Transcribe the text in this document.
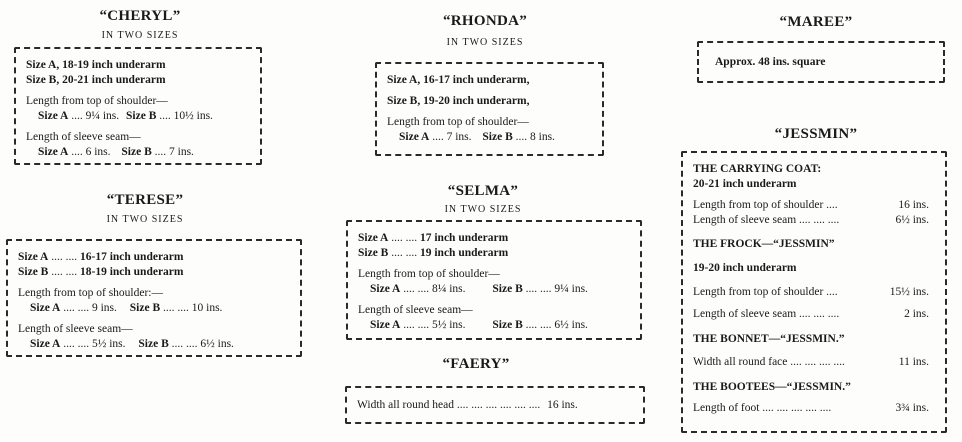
“CHERYL”
IN TWO SIZES
Size A, 18-19 inch underarm
Size B, 20-21 inch underarm
Length from top of shoulder—
Size A .... 9¼ ins. Size B .... 10½ ins.
Length of sleeve seam—
Size A .... 6 ins. Size B .... 7 ins.
“TERESE”
IN TWO SIZES
Size A .... .... 16-17 inch underarm
Size B .... .... 18-19 inch underarm
Length from top of shoulder:—
Size A .... .... 9 ins. Size B .... .... 10 ins.
Length of sleeve seam—
Size A .... .... 5½ ins. Size B .... .... 6½ ins.
“RHONDA”
IN TWO SIZES
Size A, 16-17 inch underarm,
Size B, 19-20 inch underarm,
Length from top of shoulder—
Size A .... 7 ins. Size B .... 8 ins.
“SELMA”
IN TWO SIZES
Size A .... .... 17 inch underarm
Size B .... .... 19 inch underarm
Length from top of shoulder—
Size A .... .... 8¼ ins. Size B .... .... 9¼ ins.
Length of sleeve seam—
Size A .... .... 5½ ins. Size B .... .... 6½ ins.
“FAERY”
Width all round head .... .... .... .... .... .... 16 ins.
“MAREE”
Approx. 48 ins. square
“JESSMIN”
THE CARRYING COAT:
20-21 inch underarm
Length from top of shoulder ....	16 ins.
Length of sleeve seam .... .... ....	6½ ins.
THE FROCK—“JESSMIN”
19-20 inch underarm
Length from top of shoulder ....	15½ ins.
Length of sleeve seam .... .... ....	2 ins.
THE BONNET—“JESSMIN.”
Width all round face .... .... .... ....	11 ins.
THE BOOTEES—“JESSMIN.”
Length of foot .... .... .... .... ....	3¾ ins.
